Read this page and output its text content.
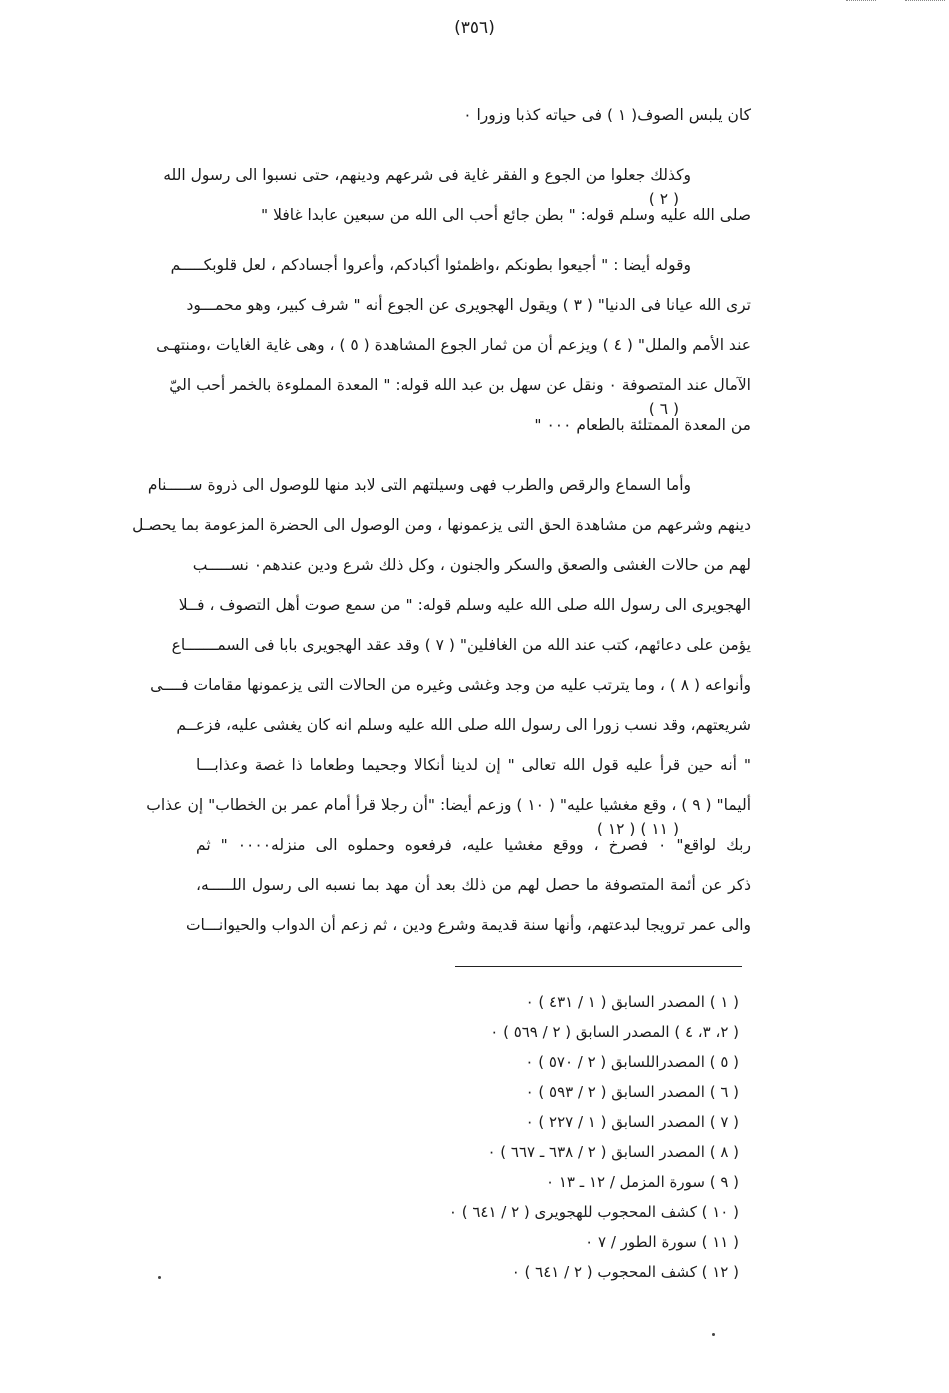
(٣٥٦)
كان يلبس الصوف( ١ ) فى حياته كذبا وزورا ٠
وكذلك جعلوا من الجوع و الفقر غاية فى شرعهم ودينهم، حتى نسبوا الى رسول الله
( ٢ )
صلى الله عليه وسلم قوله: " بطن جائع أحب الى الله من سبعين عابدا غافلا "
وقوله أيضا : " أجيعوا بطونكم ،واظمئوا أكبادكم، وأعروا أجسادكم ، لعل قلوبكـــــم
ترى الله عيانا فى الدنيا" ( ٣ ) ويقول الهجويرى عن الجوع أنه " شرف كبير، وهو محمـــود
عند الأمم والملل" ( ٤ ) ويزعم أن من ثمار الجوع المشاهدة ( ٥ ) ، وهى غاية الغايات ،ومنتهـى
الآمال عند المتصوفة ٠ ونقل عن سهل بن عبد الله قوله: " المعدة المملوءة بالخمر أحب اليّ
( ٦ )
من المعدة الممتلئة بالطعام ٠٠٠ "
وأما السماع والرقص والطرب فهى وسيلتهم التى لابد منها للوصول الى ذروة ســـــنام
دينهم وشرعهم من مشاهدة الحق التى يزعمونها ، ومن الوصول الى الحضرة المزعومة بما يحصـل
لهم من حالات الغشى والصعق والسكر والجنون ، وكل ذلك شرع ودين عندهم٠ نســـــب
الهجويرى الى رسول الله صلى الله عليه وسلم قوله: " من سمع صوت أهل التصوف ، فــلا
يؤمن على دعائهم، كتب عند الله من الغافلين" ( ٧ ) وقد عقد الهجويرى بابا فى السمـــــــاع
وأنواعه ( ٨ ) ، وما يترتب عليه من وجد وغشى وغيره من الحالات التى يزعمونها مقامات فــــى
شريعتهم، وقد نسب زورا الى رسول الله صلى الله عليه وسلم انه كان يغشى عليه، فزعــم
" أنه حين قرأ عليه قول الله تعالى " إن لدينا أنكالا وجحيما وطعاما ذا غصة وعذابـــا
أليما" ( ٩ ) ، وقع مغشيا عليه" ( ١٠ ) وزعم أيضا: "أن رجلا قرأ أمام عمر بن الخطاب" إن عذاب
( ١١ ) ( ١٢ )
ربك لواقع" ٠ فصرخ ، ووقع مغشيا عليه، فرفعوه وحملوه الى منزله٠٠٠٠ " ثم
ذكر عن أئمة المتصوفة ما حصل لهم من ذلك بعد أن مهد بما نسبه الى رسول اللـــــه،
والى عمر ترويجا لبدعتهم، وأنها سنة قديمة وشرع ودين ، ثم زعم أن الدواب والحيوانـــات
( ١ ) المصدر السابق ( ١ / ٤٣١ ) ٠
( ٢، ٣، ٤ ) المصدر السابق ( ٢ / ٥٦٩ ) ٠
( ٥ ) المصدراللسابق ( ٢ / ٥٧٠ ) ٠
( ٦ ) المصدر السابق ( ٢ / ٥٩٣ ) ٠
( ٧ ) المصدر السابق ( ١ / ٢٢٧ ) ٠
( ٨ ) المصدر السابق ( ٢ / ٦٣٨ ـ ٦٦٧ ) ٠
( ٩ ) سورة المزمل / ١٢ ـ ١٣ ٠
( ١٠ ) كشف المحجوب للهجويرى ( ٢ / ٦٤١ ) ٠
( ١١ ) سورة الطور / ٧ ٠
( ١٢ ) كشف المحجوب ( ٢ / ٦٤١ ) ٠
